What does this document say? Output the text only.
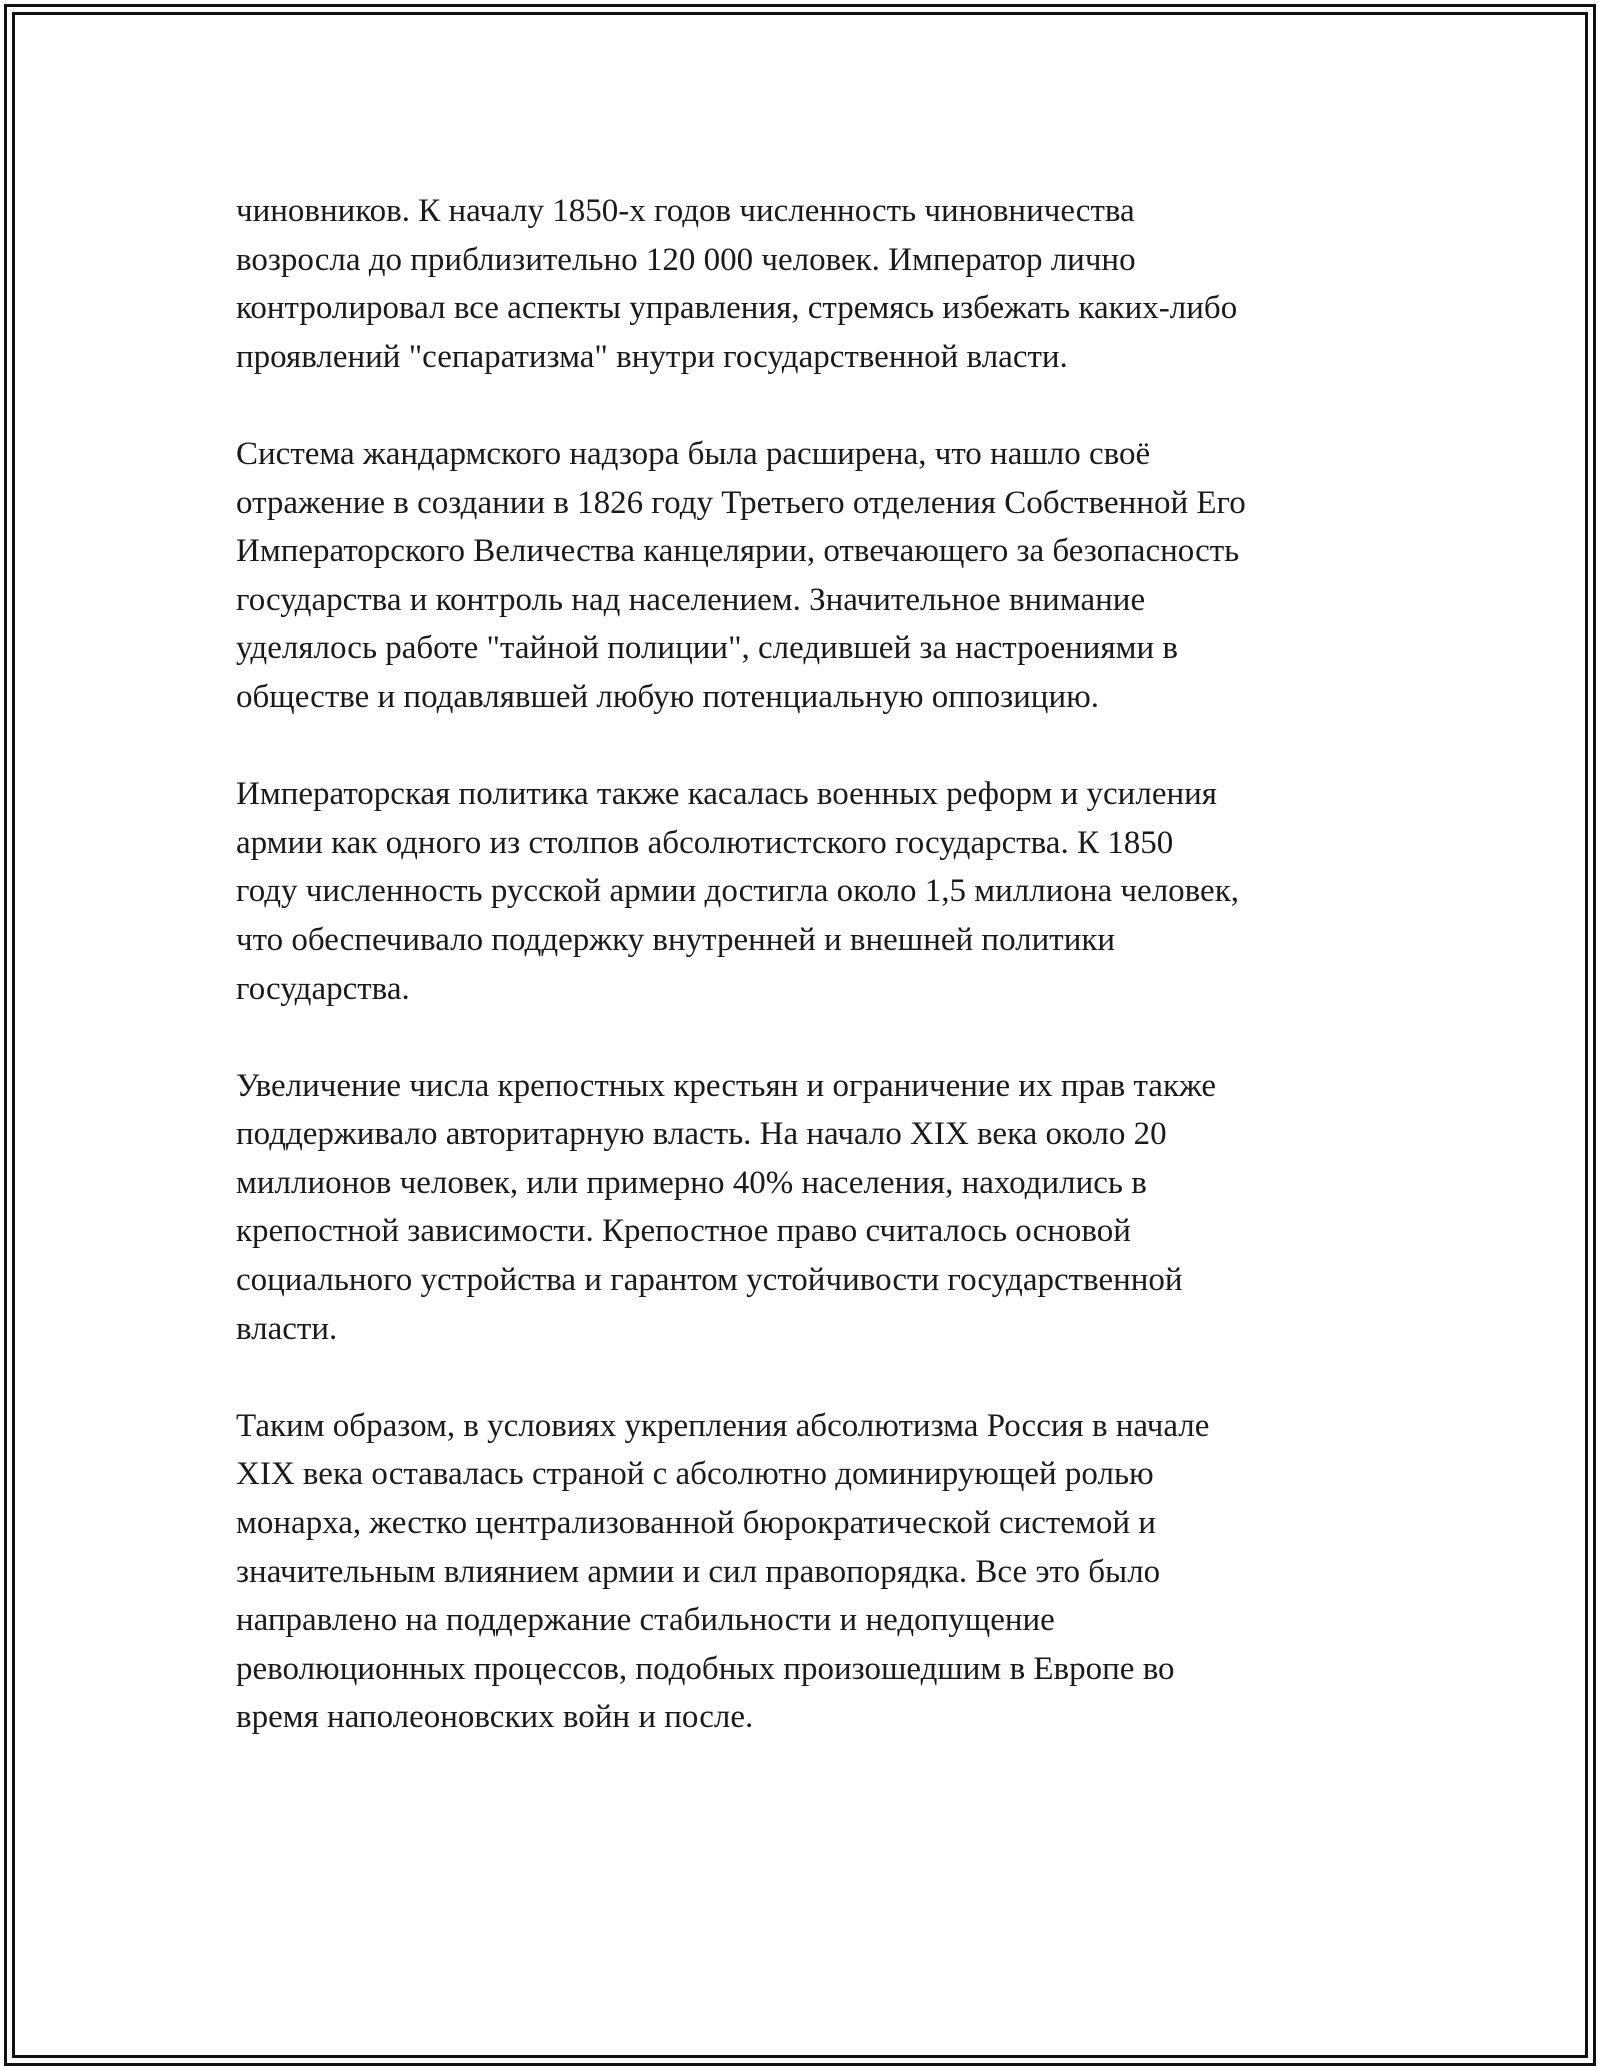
чиновников. К началу 1850-х годов численность чиновничества
возросла до приблизительно 120 000 человек. Император лично
контролировал все аспекты управления, стремясь избежать каких-либо
проявлений "сепаратизма" внутри государственной власти.

Система жандармского надзора была расширена, что нашло своё
отражение в создании в 1826 году Третьего отделения Собственной Его
Императорского Величества канцелярии, отвечающего за безопасность
государства и контроль над населением. Значительное внимание
уделялось работе "тайной полиции", следившей за настроениями в
обществе и подавлявшей любую потенциальную оппозицию.

Императорская политика также касалась военных реформ и усиления
армии как одного из столпов абсолютистского государства. К 1850
году численность русской армии достигла около 1,5 миллиона человек,
что обеспечивало поддержку внутренней и внешней политики
государства.

Увеличение числа крепостных крестьян и ограничение их прав также
поддерживало авторитарную власть. На начало XIX века около 20
миллионов человек, или примерно 40% населения, находились в
крепостной зависимости. Крепостное право считалось основой
социального устройства и гарантом устойчивости государственной
власти.

Таким образом, в условиях укрепления абсолютизма Россия в начале
XIX века оставалась страной с абсолютно доминирующей ролью
монарха, жестко централизованной бюрократической системой и
значительным влиянием армии и сил правопорядка. Все это было
направлено на поддержание стабильности и недопущение
революционных процессов, подобных произошедшим в Европе во
время наполеоновских войн и после.
